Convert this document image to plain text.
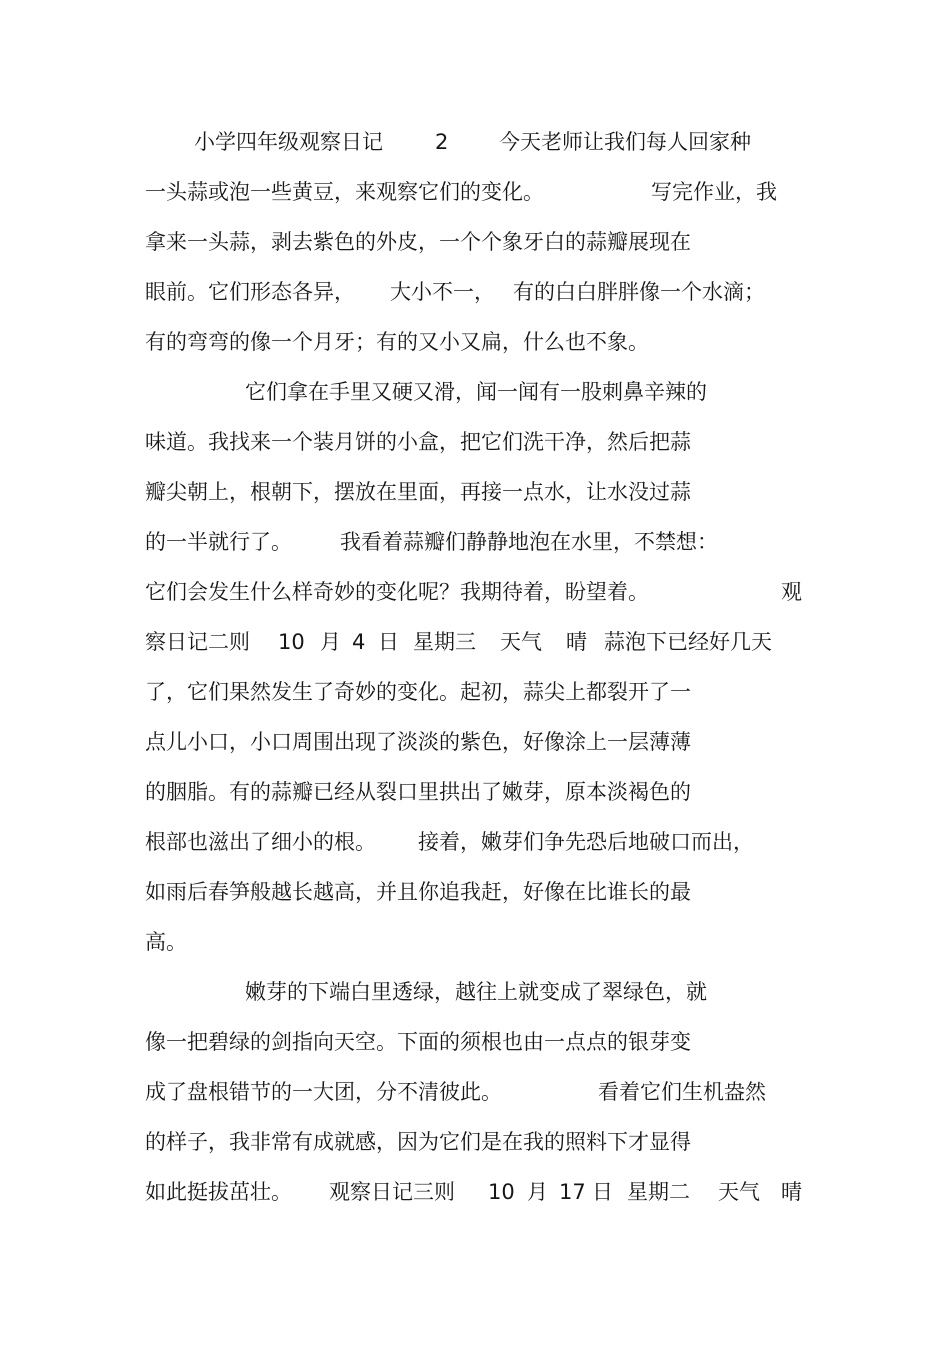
小学四年级观察日记 2 今天老师让我们每人回家种
一头蒜或泡一些黄豆，来观察它们的变化。	写完作业，我
拿来一头蒜，剥去紫色的外皮，一个个象牙白的蒜瓣展现在
眼前。它们形态各异， 大小不一， 有的白白胖胖像一个水滴；
有的弯弯的像一个月牙；有的又小又扁，什么也不象。
它们拿在手里又硬又滑，闻一闻有一股刺鼻辛辣的
味道。我找来一个装月饼的小盒，把它们洗干净，然后把蒜
瓣尖朝上，根朝下，摆放在里面，再接一点水，让水没过蒜
的一半就行了。 我看着蒜瓣们静静地泡在水里，不禁想：
它们会发生什么样奇妙的变化呢？我期待着，盼望着。	观
察日记二则 10 月 4 日 星期三 天气 晴 蒜泡下已经好几天
了，它们果然发生了奇妙的变化。起初，蒜尖上都裂开了一
点儿小口，小口周围出现了淡淡的紫色，好像涂上一层薄薄
的胭脂。有的蒜瓣已经从裂口里拱出了嫩芽，原本淡褐色的
根部也滋出了细小的根。 接着，嫩芽们争先恐后地破口而出，
如雨后春笋般越长越高，并且你追我赶，好像在比谁长的最
高。
嫩芽的下端白里透绿，越往上就变成了翠绿色，就
像一把碧绿的剑指向天空。下面的须根也由一点点的银芽变
成了盘根错节的一大团，分不清彼此。	看着它们生机盎然
的样子，我非常有成就感，因为它们是在我的照料下才显得
如此挺拔茁壮。 观察日记三则 10 月 17 日 星期二 天气 晴
